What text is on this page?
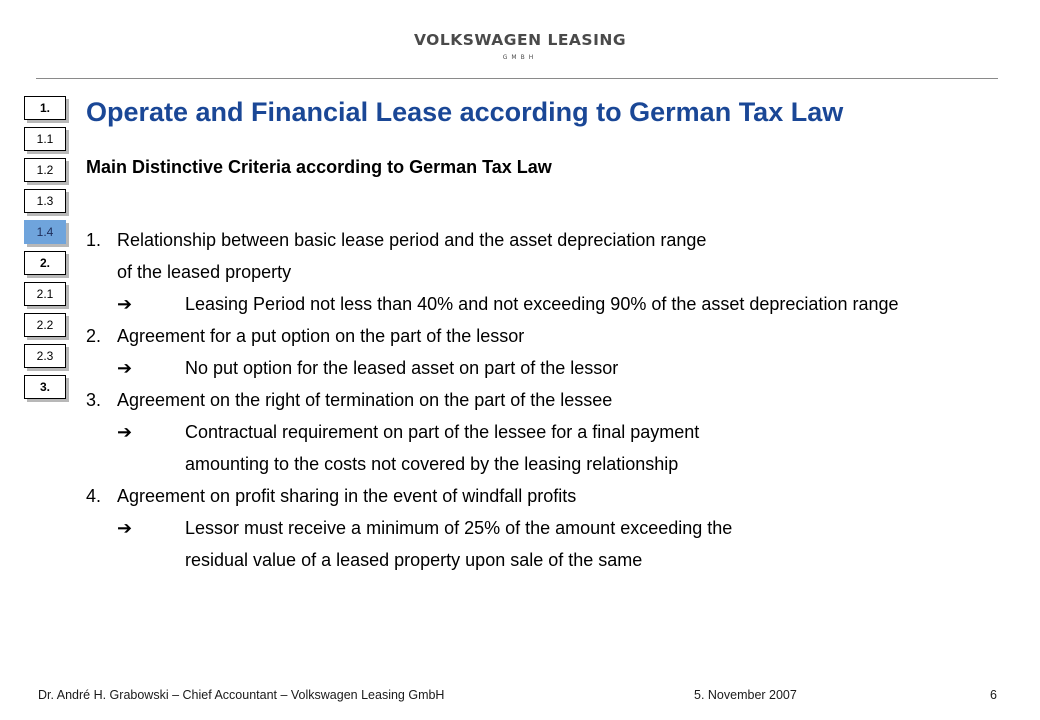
VOLKSWAGEN LEASING
GMBH
1.
1.1
1.2
1.3
1.4
2.
2.1
2.2
2.3
3.
Operate and Financial Lease according to German Tax Law
Main Distinctive Criteria according to German Tax Law
1. Relationship between basic lease period and the asset depreciation range
of the leased property
➔	Leasing Period not less than 40% and not exceeding 90% of the asset depreciation range
2. Agreement for a put option on the part of the lessor
➔	No put option for the leased asset on part of the lessor
3. Agreement on the right of termination on the part of the lessee
➔	Contractual requirement on part of the lessee for a final payment
amounting to the costs not covered by the leasing relationship
4. Agreement on profit sharing in the event of windfall profits
➔	Lessor must receive a minimum of 25% of the amount exceeding the
residual value of a leased property upon sale of the same
Dr. André H. Grabowski – Chief Accountant – Volkswagen Leasing GmbH	5. November 2007	6
